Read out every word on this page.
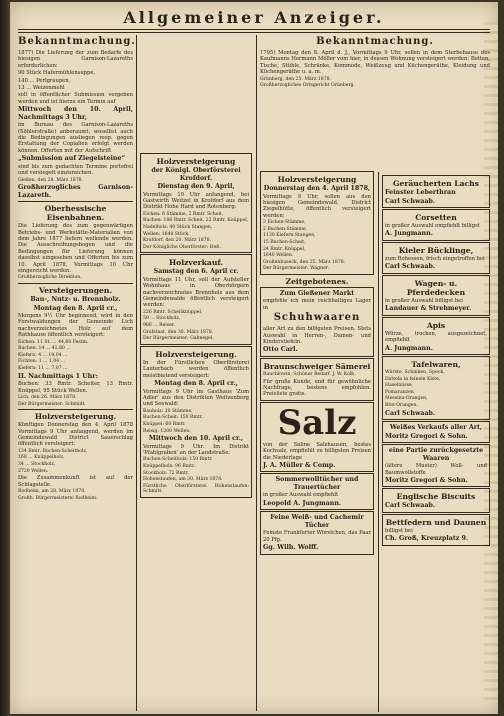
Allgemeiner Anzeiger.
Bekanntmachung.

1877) Die Lieferung der zum Bedarfe des hiesigen Garnison-Lazareths erforderlichen:

90 Stück Hafermühlensuppe,

140 ... Perlgraupen,

13 ... Weizenmehl

soll in öffentlicher Submission vergeben werden und ist hierzu ein Termin auf

Mittwoch den 10. April, Nachmittags 3 Uhr,

im Bureau des Garnison-Lazareths (Söhlerstraße) anberaumt, woselbst auch die Bedingungen ausliegen resp. gegen Erstattung der Copialien erfolgt werden können. Offerten mit der Aufschrift

„Submission auf Ziegelsteine“

sind bis zum gedachten Termine portofrei und versiegelt einzureichen.

Gießen, den 28. März 1878.

Großherzogliches Garnison-Lazareth.

Oberhessische Eisenbahnen.

Die Lieferung des zum gegenwärtigen Betriebs- und Werkstätte-Materialien von dem Jahre 1877 liefern wollende werden. Die Ausschreibungsbogen und die Bedingungen für Lieferung können daselbst eingesehen und Offerten bis zum 10. April 1878, Vormittags 10 Uhr eingereicht werden.

Großherzogliche Direktion.

Versteigerungen.
Bau-, Nutz- u. Brennholz.
Montag den 8. April cr.,

Morgens 9½ Uhr beginnend, wird in den Forstwaldungen der Gemeinde Lich nachverzeichnetes Holz auf dem Rathhause öffentlich versteigert:

Eichen: 11 St. ... 44,60 Festm.

Buchen: 14 ... 41,80 ...

Kiefern: 4 ... 19,04 ...

Fichten: 1 ... 1,04 ...

Kiefern: 11 ... 7,07 ...

II. Nachmittags 1 Uhr:

Buchen: 33 Rmtr. Scheiter, 13 Rmtr. Knüppel, 95 Stück Wellen.

Lich, den 26. März 1878.

Der Bürgermeister: Schmidt.

Holzversteigerung.

Künftigen Donnerstag den 4. April 1878 Vormittags 9 Uhr anfangend, werden im Gemeindewald District Sauerschlag öffentlich versteigert:

134 Rmtr. Buchen-Scheitholz,

168 ... Knüppelholz,

34 ... Stockholz,

2720 Wellen.

Die Zusammenkunft ist auf der Schlagstelle.

Rodheim, am 28. März 1878.

Großh. Bürgermeisterei Rodheim.

Holzversteigerung
der Königl. Oberförsterei Krofdorf.
Dienstag den 9. April,

Vormittags 10 Uhr anfangend, bei Gastwirth Weitzel in Krofdorf aus dem Distrikt Hohe Hard und Rotenberg:

Eichen: 6 Stämme, 2 Rmtr. Scheit,

Buchen: 186 Rmtr. Scheit, 22 Rmtr. Knüppel,

Nadelholz: 40 Stück Stangen,

Wellen: 1640 Stück.

Krofdorf, den 20. März 1878.

Der Königliche Oberförster: Heß.

Holzverkauf.
Samstag den 6. April cr.

Vormittags 11 Uhr, soll der Aufsteller Wohnhaus in Oberhörgern nachverzeichnetes Brennholz aus dem Gemeindewalde öffentlich versteigert werden:

226 Rmtr. Scheitknüppel,

50 ... Stockholz,

986 ... Reiser.

Grafstaat, den 30. März 1878.

Der Bürgermeister: Gabnegel.

Holzversteigerung.

In der Fürstlichen Oberförsterei Lauterbach werden öffentlich meistbietend versteigert:

Montag den 8. April cr.,

Vormittags 9 Uhr im Gasthaus 'Zum Adler' aus den Distrikten Weitzenberg und Seewald:

Bauholz: 20 Stämme,

Buchen-Scheit: 150 Rmtr.

Knüppel: 60 Rmtr.

Reisig: 1200 Wellen.

Mittwoch den 10. April cr.,

Vormittags 9 Uhr. Im Distrikt 'Pfahlgraben' an der Landstraße:

Buchen-Scheitholz: 150 Rmtr.

Knüppelholz: 96 Rmtr.

Stockholz: 72 Rmtr.

Hohenstaufen, am 30. März 1878.

Fürstliche Oberförsterei Hohenstaufen: Schmitt.

Holzversteigerung
Donnerstag den 4. April 1878,

Vormittags 9 Uhr, sollen aus den hiesigen Gemeindewald, District Ziegelhütte, öffentlich versteigert werden:

3 Eichen-Stämme,

2 Buchen-Stämme,

1130 Kiefern-Stangen,

15 Buchen-Scheit,

24 Rmtr. Knüppel,

1640 Wellen.

Großenbuseck, den 25. März 1878.

Der Bürgermeister: Wagner.

Zeitgebotenes.
Zum Gießener Markt

empfehle ich mein reichhaltiges Lager in

Schuhwaaren

aller Art zu den billigsten Preisen. Stets Auswahl in Herren-, Damen- und Kinderstiefeln.

Otto Carl.

Braunschweiger Sämerei

Rauchlowin, Schöner Bedarf. J. W. Kolb,

Für große Kunde, und für gewöhnliche Nachfrage, bestens empfohlen. Preisliste gratis.

Salz

von der Saline Salzhausen, bestes Kochsalz, empfiehlt zu billigsten Preisen die Niederlage

J. A. Müller & Comp.

Sommerwolltücher und Trauertücher

in großer Auswahl empfiehlt

Leopold A. Jungmann.

Feine Weiß- und Cachemir Tücher

Feinste Frankfurter Würstchen, das Paar 20 Pfg.

Gg. Wilh. Wolff.

Bekanntmachung.

1795) Montag den 8. April d. J., Vormittags 9 Uhr, sollen in dem Sterbehause des Kaufmanns Hermann Möller vom hier, in dessen Wohnung versteigert werden: Betten, Tische, Stühle, Schränke, Kommode, Weißzeug und Küchengeräthe, Kleidung und Küchengeräthe u. a. m.

Grünberg, den 25. März 1878.

Großherzogliches Ortsgericht Grünberg.

Geräucherten Lachs

Feinster Leberthran

Carl Schwaab.

Corsetten

in großer Auswahl empfiehlt billigst

A. Jungmann.

Kieler Bücklinge,

zum Rohessen, frisch eingetroffen bei

Carl Schwaab.

Wagen- u. Pferdedecken

in großer Auswahl billigst bei

Landauer & Strehmeyer.

Apis

Würze, trocken, ausgezeichnet, empfiehlt

A. Jungmann.

Tafelwaren,

Würste, Schinken, Speck,

Datteln in feinem Kiste,

Haselnüsse,

Pomaranzen,

Messina-Orangen,

Blut-Orangen.

Carl Schwaab.

Weißes Verkaufs aller Art,

Moritz Gregori & Sohn.

eine Partie zurückgesetzte Waaren

(ältere Muster) Woll- und Baumwollstoffe

Moritz Gregori & Sohn.

Englische Biscuits

Carl Schwaab.

Bettfedern und Daunen

billigst bei

Ch. Groß, Kreuzplatz 9.
